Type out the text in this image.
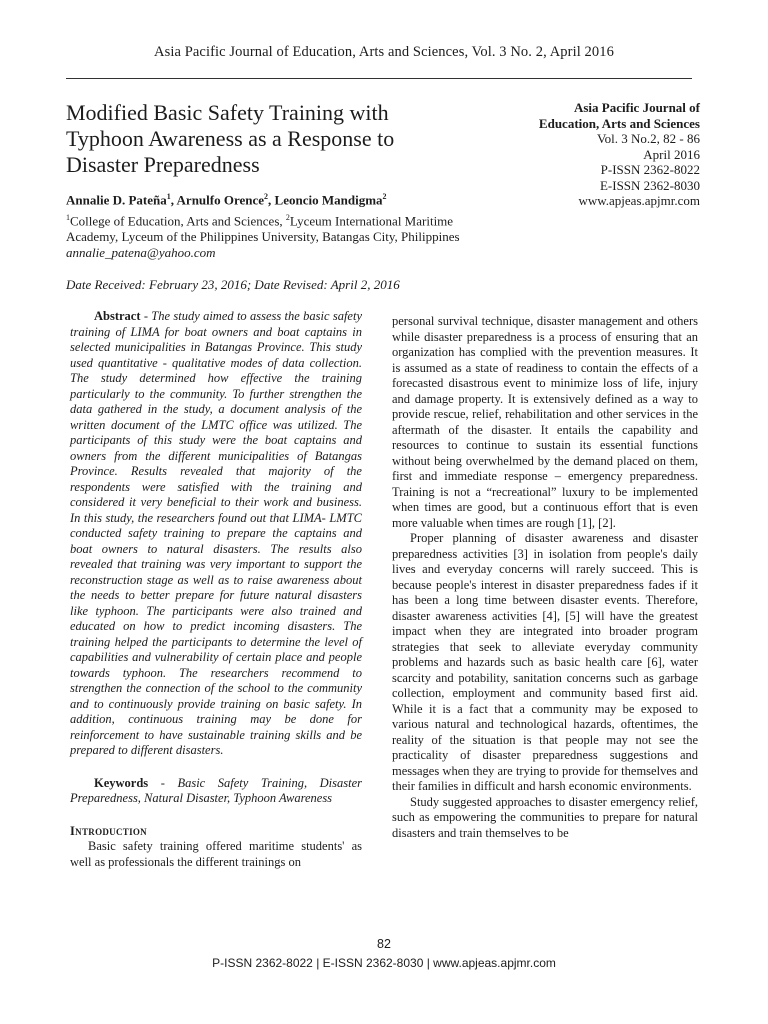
Asia Pacific Journal of Education, Arts and Sciences, Vol. 3 No. 2, April 2016
Modified Basic Safety Training with Typhoon Awareness as a Response to Disaster Preparedness
Asia Pacific Journal of
Education, Arts and Sciences
Vol. 3 No.2, 82 - 86
April 2016
P-ISSN 2362-8022
E-ISSN 2362-8030
www.apjeas.apjmr.com
Annalie D. Pateña$^1$, Arnulfo Orence$^2$, Leoncio Mandigma$^2$
$^1$College of Education, Arts and Sciences, $^2$Lyceum International Maritime Academy, Lyceum of the Philippines University, Batangas City, Philippines annalie_patena@yahoo.com
Date Received: February 23, 2016; Date Revised: April 2, 2016

Abstract - The study aimed to assess the basic safety training of LIMA for boat owners and boat captains in selected municipalities in Batangas Province. This study used quantitative - qualitative modes of data collection. The study determined how effective the training particularly to the community. To further strengthen the data gathered in the study, a document analysis of the written document of the LMTC office was utilized. The participants of this study were the boat captains and owners from the different municipalities of Batangas Province. Results revealed that majority of the respondents were satisfied with the training and considered it very beneficial to their work and business. In this study, the researchers found out that LIMA- LMTC conducted safety training to prepare the captains and boat owners to natural disasters. The results also revealed that training was very important to support the reconstruction stage as well as to raise awareness about the needs to better prepare for future natural disasters like typhoon. The participants were also trained and educated on how to predict incoming disasters. The training helped the participants to determine the level of capabilities and vulnerability of certain place and people towards typhoon. The researchers recommend to strengthen the connection of the school to the community and to continuously provide training on basic safety. In addition, continuous training may be done for reinforcement to have sustainable training skills and be prepared to different disasters.

Keywords - Basic Safety Training, Disaster Preparedness, Natural Disaster, Typhoon Awareness

Introduction

Basic safety training offered maritime students' as well as professionals the different trainings on

personal survival technique, disaster management and others while disaster preparedness is a process of ensuring that an organization has complied with the prevention measures. It is assumed as a state of readiness to contain the effects of a forecasted disastrous event to minimize loss of life, injury and damage property. It is extensively defined as a way to provide rescue, relief, rehabilitation and other services in the aftermath of the disaster. It entails the capability and resources to continue to sustain its essential functions without being overwhelmed by the demand placed on them, first and immediate response – emergency preparedness. Training is not a “recreational” luxury to be implemented when times are good, but a continuous effort that is even more valuable when times are rough [1], [2].

Proper planning of disaster awareness and disaster preparedness activities [3] in isolation from people's daily lives and everyday concerns will rarely succeed. This is because people's interest in disaster preparedness fades if it has been a long time between disaster events. Therefore, disaster awareness activities [4], [5] will have the greatest impact when they are integrated into broader program strategies that seek to alleviate everyday community problems and hazards such as basic health care [6], water scarcity and potability, sanitation concerns such as garbage collection, employment and community based first aid. While it is a fact that a community may be exposed to various natural and technological hazards, oftentimes, the reality of the situation is that people may not see the practicality of disaster preparedness suggestions and messages when they are trying to provide for themselves and their families in difficult and harsh economic environments.

Study suggested approaches to disaster emergency relief, such as empowering the communities to prepare for natural disasters and train themselves to be

82
P-ISSN 2362-8022 | E-ISSN 2362-8030 | www.apjeas.apjmr.com
